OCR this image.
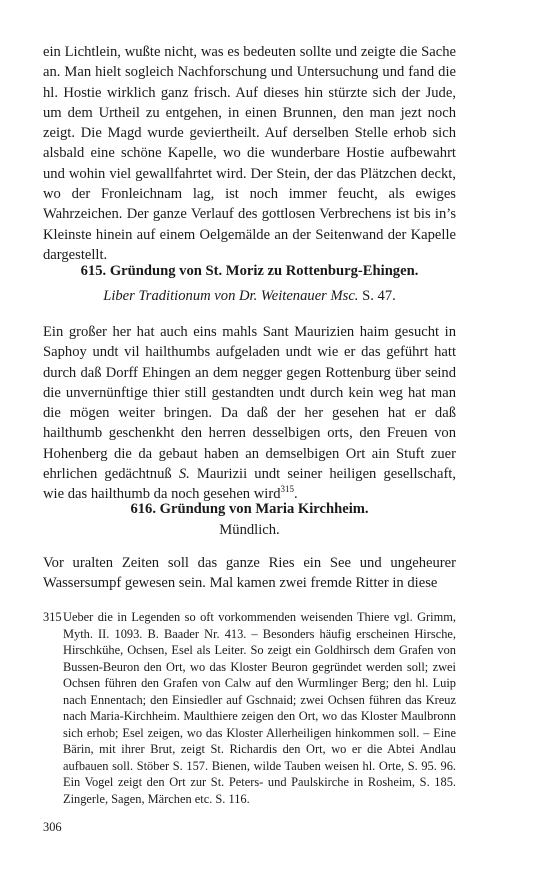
ein Lichtlein, wußte nicht, was es bedeuten sollte und zeigte die Sache an. Man hielt sogleich Nachforschung und Untersuchung und fand die hl. Hostie wirklich ganz frisch. Auf dieses hin stürzte sich der Jude, um dem Urtheil zu entgehen, in einen Brunnen, den man jezt noch zeigt. Die Magd wurde geviertheilt. Auf derselben Stelle erhob sich alsbald eine schöne Kapelle, wo die wunderbare Hostie aufbewahrt und wohin viel gewallfahrtet wird. Der Stein, der das Plätzchen deckt, wo der Fronleichnam lag, ist noch immer feucht, als ewiges Wahrzeichen. Der ganze Verlauf des gottlosen Verbrechens ist bis in’s Kleinste hinein auf einem Oelgemälde an der Seitenwand der Kapelle dargestellt.

615. Gründung von St. Moriz zu Rottenburg-Ehingen.
Liber Traditionum von Dr. Weitenauer Msc. S. 47.

Ein großer her hat auch eins mahls Sant Maurizien haim gesucht in Saphoy undt vil hailthumbs aufgeladen undt wie er das geführt hatt durch daß Dorff Ehingen an dem negger gegen Rottenburg über seind die unvernünftige thier still gestandten undt durch kein weg hat man die mögen weiter bringen. Da daß der her gesehen hat er daß hailthumb geschenkht den herren desselbigen orts, den Freuen von Hohenberg die da gebaut haben an demselbigen Ort ain Stuft zuer ehrlichen gedächtnuß S. Maurizii undt seiner heiligen gesellschaft, wie das hailthumb da noch gesehen wird$^{315}$.

616. Gründung von Maria Kirchheim.
Mündlich.

Vor uralten Zeiten soll das ganze Ries ein See und ungeheurer Wassersumpf gewesen sein. Mal kamen zwei fremde Ritter in diese

315 Ueber die in Legenden so oft vorkommenden weisenden Thiere vgl. Grimm, Myth. II. 1093. B. Baader Nr. 413. – Besonders häufig erscheinen Hirsche, Hirschkühe, Ochsen, Esel als Leiter. So zeigt ein Goldhirsch dem Grafen von Bussen-Beuron den Ort, wo das Kloster Beuron gegründet werden soll; zwei Ochsen führen den Grafen von Calw auf den Wurmlinger Berg; den hl. Luip nach Ennentach; den Einsiedler auf Gschnaid; zwei Ochsen führen das Kreuz nach Maria-Kirchheim. Maulthiere zeigen den Ort, wo das Kloster Maulbronn sich erhob; Esel zeigen, wo das Kloster Allerheiligen hinkommen soll. – Eine Bärin, mit ihrer Brut, zeigt St. Richardis den Ort, wo er die Abtei Andlau aufbauen soll. Stöber S. 157. Bienen, wilde Tauben weisen hl. Orte, S. 95. 96. Ein Vogel zeigt den Ort zur St. Peters- und Paulskirche in Rosheim, S. 185. Zingerle, Sagen, Märchen etc. S. 116.
306
